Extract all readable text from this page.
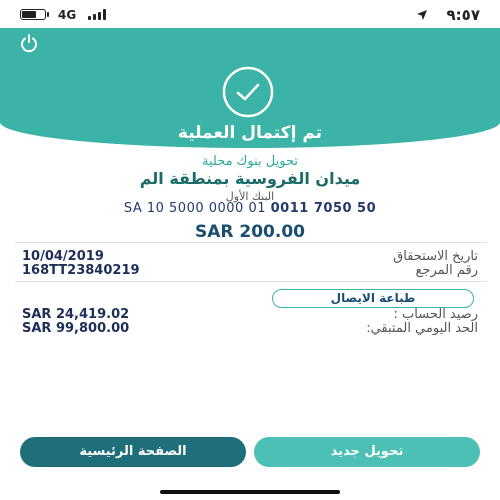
4G	٩:٥٧
تم إكتمال العملية
تحويل بنوك محلية
ميدان الفروسية بمنطقة الم
البنك الأول
SA 10 5000 0000 01 0011 7050 50
SAR 200.00
10/04/2019	تاريخ الاستحقاق
168TT23840219	رقم المرجع
طباعة الايصال
SAR 24,419.02	رصيد الحساب :
SAR 99,800.00	الحد اليومي المتبقي:
الصفحة الرئيسية	تحويل جديد
